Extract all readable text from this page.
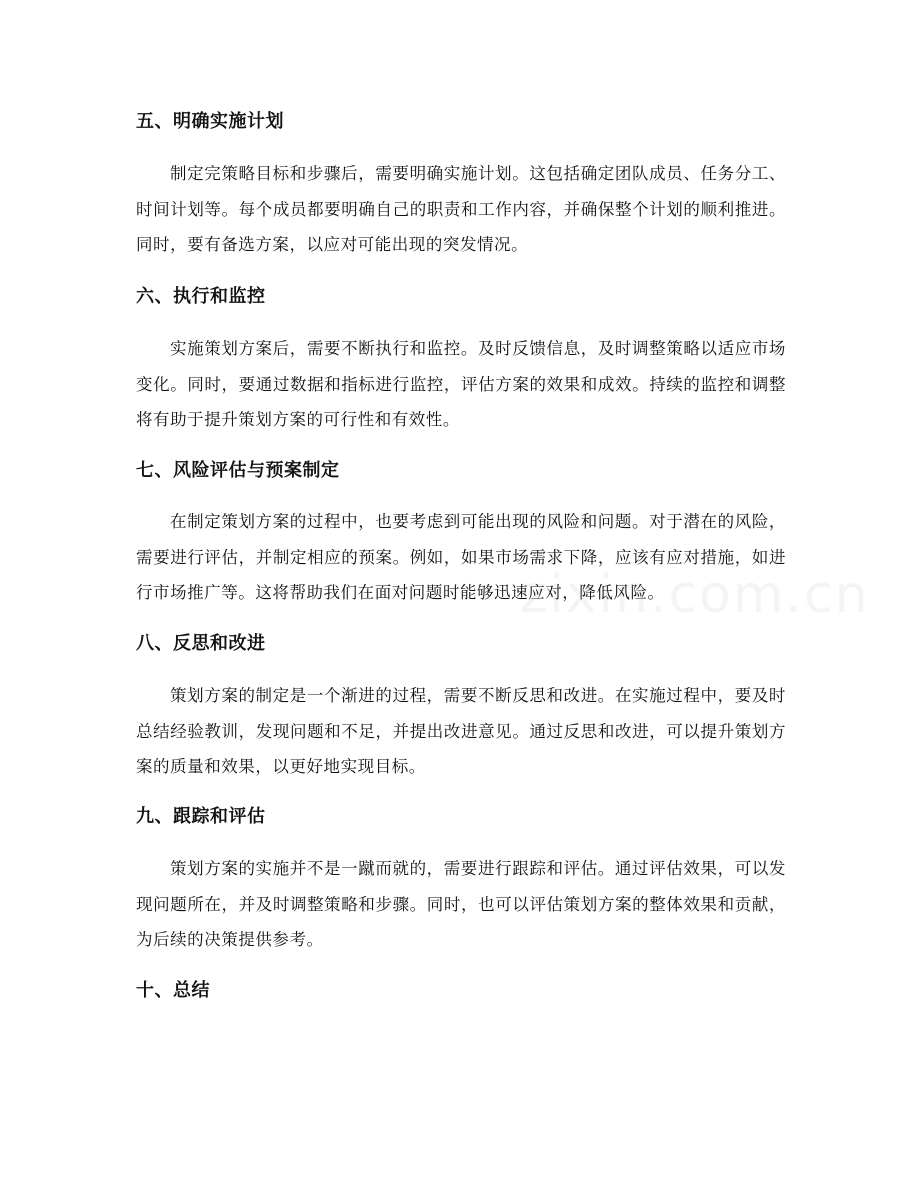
五、明确实施计划
制定完策略目标和步骤后，需要明确实施计划。这包括确定团队成员、任务分工、时间计划等。每个成员都要明确自己的职责和工作内容，并确保整个计划的顺利推进。同时，要有备选方案，以应对可能出现的突发情况。
六、执行和监控
实施策划方案后，需要不断执行和监控。及时反馈信息，及时调整策略以适应市场变化。同时，要通过数据和指标进行监控，评估方案的效果和成效。持续的监控和调整将有助于提升策划方案的可行性和有效性。
七、风险评估与预案制定
在制定策划方案的过程中，也要考虑到可能出现的风险和问题。对于潜在的风险，需要进行评估，并制定相应的预案。例如，如果市场需求下降，应该有应对措施，如进行市场推广等。这将帮助我们在面对问题时能够迅速应对，降低风险。
八、反思和改进
策划方案的制定是一个渐进的过程，需要不断反思和改进。在实施过程中，要及时总结经验教训，发现问题和不足，并提出改进意见。通过反思和改进，可以提升策划方案的质量和效果，以更好地实现目标。
九、跟踪和评估
策划方案的实施并不是一蹴而就的，需要进行跟踪和评估。通过评估效果，可以发现问题所在，并及时调整策略和步骤。同时，也可以评估策划方案的整体效果和贡献，为后续的决策提供参考。
十、总结
zixin.com.cn
